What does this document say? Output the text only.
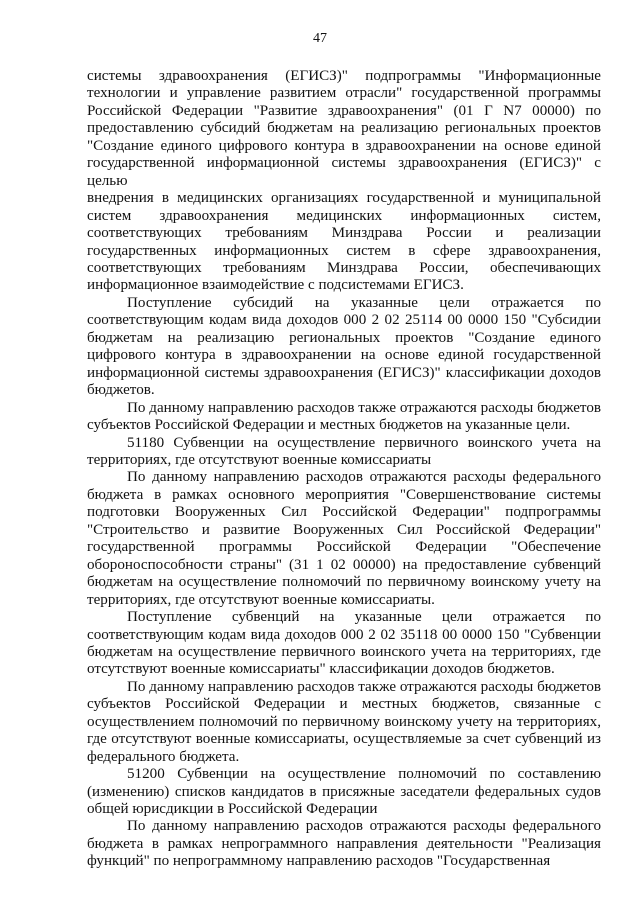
47

системы здравоохранения (ЕГИСЗ)" подпрограммы "Информационные

технологии и управление развитием отрасли" государственной программы

Российской Федерации "Развитие здравоохранения" (01 Г N7 00000) по

предоставлению субсидий бюджетам на реализацию региональных проектов

"Создание единого цифрового контура в здравоохранении на основе единой

государственной информационной системы здравоохранения (ЕГИСЗ)" с целью

внедрения в медицинских организациях государственной и муниципальной

систем здравоохранения медицинских информационных систем,

соответствующих требованиям Минздрава России и реализации

государственных информационных систем в сфере здравоохранения,

соответствующих требованиям Минздрава России, обеспечивающих

информационное взаимодействие с подсистемами ЕГИСЗ.

Поступление субсидий на указанные цели отражается по

соответствующим кодам вида доходов 000 2 02 25114 00 0000 150 "Субсидии

бюджетам на реализацию региональных проектов "Создание единого

цифрового контура в здравоохранении на основе единой государственной

информационной системы здравоохранения (ЕГИСЗ)" классификации доходов

бюджетов.

По данному направлению расходов также отражаются расходы бюджетов

субъектов Российской Федерации и местных бюджетов на указанные цели.

51180 Субвенции на осуществление первичного воинского учета на

территориях, где отсутствуют военные комиссариаты

По данному направлению расходов отражаются расходы федерального

бюджета в рамках основного мероприятия "Совершенствование системы

подготовки Вооруженных Сил Российской Федерации" подпрограммы

"Строительство и развитие Вооруженных Сил Российской Федерации"

государственной программы Российской Федерации "Обеспечение

обороноспособности страны" (31 1 02 00000) на предоставление субвенций

бюджетам на осуществление полномочий по первичному воинскому учету на

территориях, где отсутствуют военные комиссариаты.

Поступление субвенций на указанные цели отражается по

соответствующим кодам вида доходов 000 2 02 35118 00 0000 150 "Субвенции

бюджетам на осуществление первичного воинского учета на территориях, где

отсутствуют военные комиссариаты" классификации доходов бюджетов.

По данному направлению расходов также отражаются расходы бюджетов

субъектов Российской Федерации и местных бюджетов, связанные с

осуществлением полномочий по первичному воинскому учету на территориях,

где отсутствуют военные комиссариаты, осуществляемые за счет субвенций из

федерального бюджета.

51200 Субвенции на осуществление полномочий по составлению

(изменению) списков кандидатов в присяжные заседатели федеральных судов

общей юрисдикции в Российской Федерации

По данному направлению расходов отражаются расходы федерального

бюджета в рамках непрограммного направления деятельности "Реализация

функций" по непрограммному направлению расходов "Государственная
